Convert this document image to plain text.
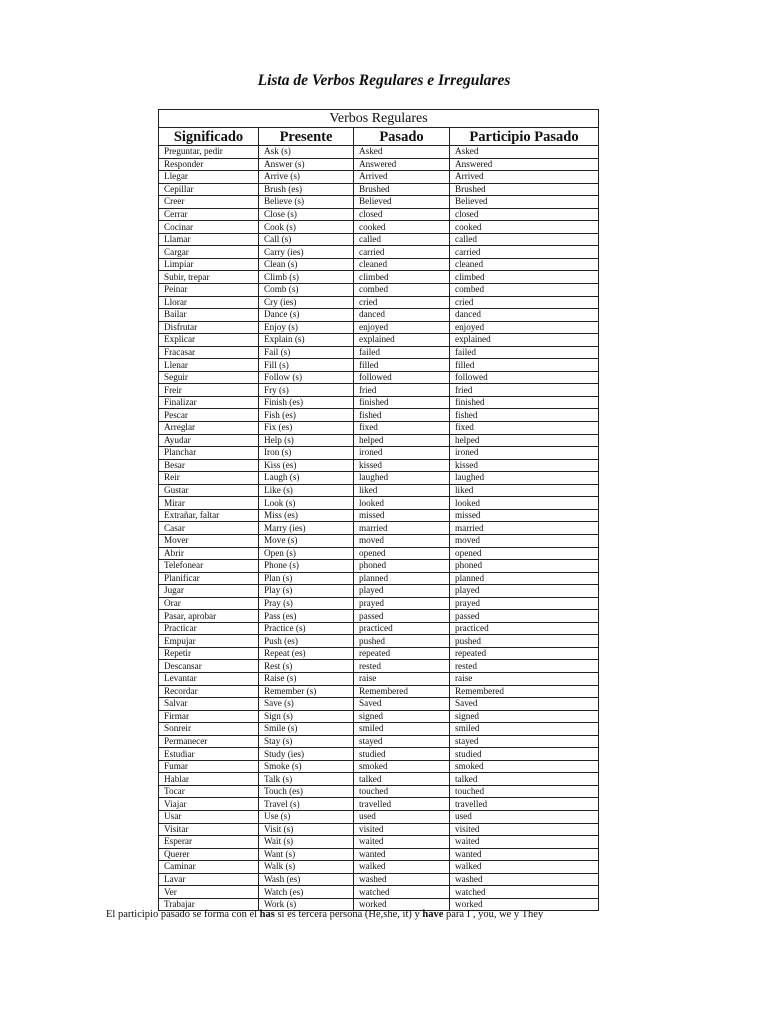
Lista de Verbos Regulares e Irregulares
Verbos Regulares			
Significado	Presente	Pasado	Participio Pasado
Preguntar, pedir	Ask (s)	Asked	Asked
Responder	Answer (s)	Answered	Answered
Llegar	Arrive (s)	Arrived	Arrived
Cepillar	Brush (es)	Brushed	Brushed
Creer	Believe (s)	Believed	Believed
Cerrar	Close (s)	closed	closed
Cocinar	Cook (s)	cooked	cooked
Llamar	Call (s)	called	called
Cargar	Carry (ies)	carried	carried
Limpiar	Clean (s)	cleaned	cleaned
Subir, trepar	Climb (s)	climbed	climbed
Peinar	Comb (s)	combed	combed
Llorar	Cry (ies)	cried	cried
Bailar	Dance (s)	danced	danced
Disfrutar	Enjoy (s)	enjoyed	enjoyed
Explicar	Explain (s)	explained	explained
Fracasar	Fail (s)	failed	failed
Llenar	Fill (s)	filled	filled
Seguir	Follow (s)	followed	followed
Freir	Fry (s)	fried	fried
Finalizar	Finish (es)	finished	finished
Pescar	Fish (es)	fished	fished
Arreglar	Fix (es)	fixed	fixed
Ayudar	Help (s)	helped	helped
Planchar	Iron (s)	ironed	ironed
Besar	Kiss (es)	kissed	kissed
Reir	Laugh (s)	laughed	laughed
Gustar	Like (s)	liked	liked
Mirar	Look (s)	looked	looked
Extrañar, faltar	Miss (es)	missed	missed
Casar	Marry (ies)	married	married
Mover	Move (s)	moved	moved
Abrir	Open (s)	opened	opened
Telefonear	Phone (s)	phoned	phoned
Planificar	Plan (s)	planned	planned
Jugar	Play (s)	played	played
Orar	Pray (s)	prayed	prayed
Pasar, aprobar	Pass (es)	passed	passed
Practicar	Practice (s)	practiced	practiced
Empujar	Push (es)	pushed	pushed
Repetir	Repeat (es)	repeated	repeated
Descansar	Rest (s)	rested	rested
Levantar	Raise (s)	raise	raise
Recordar	Remember (s)	Remembered	Remembered
Salvar	Save (s)	Saved	Saved
Firmar	Sign (s)	signed	signed
Sonreir	Smile (s)	smiled	smiled
Permanecer	Stay (s)	stayed	stayed
Estudiar	Study (ies)	studied	studied
Fumar	Smoke (s)	smoked	smoked
Hablar	Talk (s)	talked	talked
Tocar	Touch (es)	touched	touched
Viajar	Travel (s)	travelled	travelled
Usar	Use (s)	used	used
Visitar	Visit (s)	visited	visited
Esperar	Wait (s)	waited	waited
Querer	Want (s)	wanted	wanted
Caminar	Walk (s)	walked	walked
Lavar	Wash (es)	washed	washed
Ver	Watch (es)	watched	watched
Trabajar	Work (s)	worked	worked
El participio pasado se forma con el has si es tercera persona (He,she, it) y have para I , you, we y They
